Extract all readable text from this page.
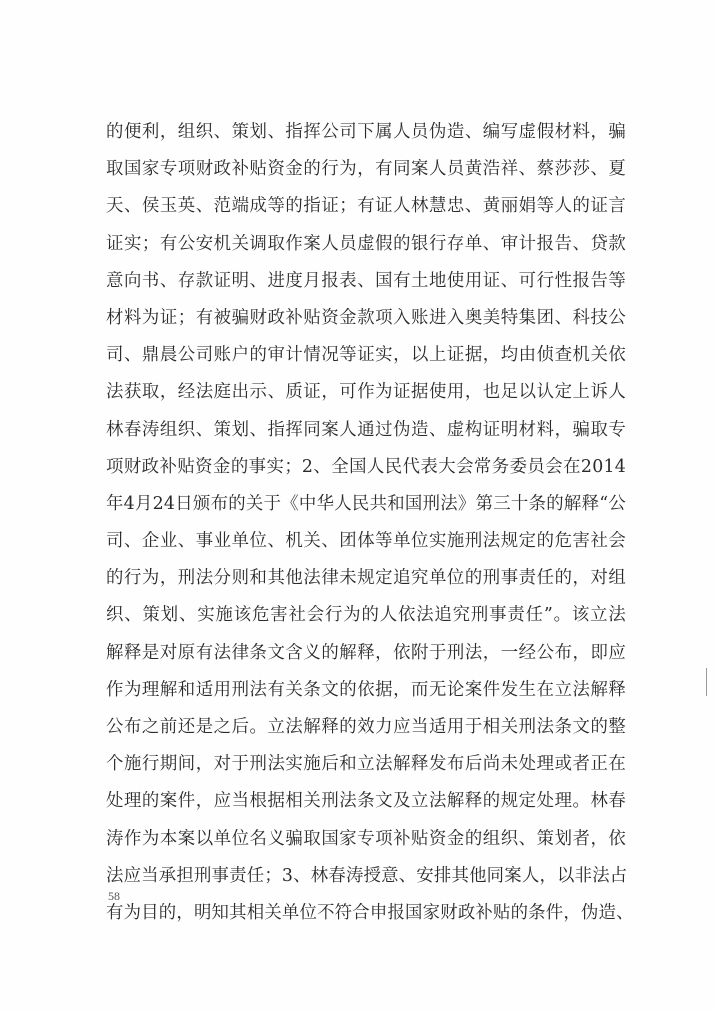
的便利，组织、策划、指挥公司下属人员伪造、编写虚假材料，骗
取国家专项财政补贴资金的行为，有同案人员黄浩祥、蔡莎莎、夏
天、侯玉英、范端成等的指证；有证人林慧忠、黄丽娟等人的证言
证实；有公安机关调取作案人员虚假的银行存单、审计报告、贷款
意向书、存款证明、进度月报表、国有土地使用证、可行性报告等
材料为证；有被骗财政补贴资金款项入账进入奥美特集团、科技公
司、鼎晨公司账户的审计情况等证实，以上证据，均由侦查机关依
法获取，经法庭出示、质证，可作为证据使用，也足以认定上诉人
林春涛组织、策划、指挥同案人通过伪造、虚构证明材料，骗取专
项财政补贴资金的事实；2、全国人民代表大会常务委员会在2014
年4月24日颁布的关于《中华人民共和国刑法》第三十条的解释“公
司、企业、事业单位、机关、团体等单位实施刑法规定的危害社会
的行为，刑法分则和其他法律未规定追究单位的刑事责任的，对组
织、策划、实施该危害社会行为的人依法追究刑事责任”。该立法
解释是对原有法律条文含义的解释，依附于刑法，一经公布，即应
作为理解和适用刑法有关条文的依据，而无论案件发生在立法解释
公布之前还是之后。立法解释的效力应当适用于相关刑法条文的整
个施行期间，对于刑法实施后和立法解释发布后尚未处理或者正在
处理的案件，应当根据相关刑法条文及立法解释的规定处理。林春
涛作为本案以单位名义骗取国家专项补贴资金的组织、策划者，依
法应当承担刑事责任；3、林春涛授意、安排其他同案人，以非法占
有为目的，明知其相关单位不符合申报国家财政补贴的条件，伪造、
58
